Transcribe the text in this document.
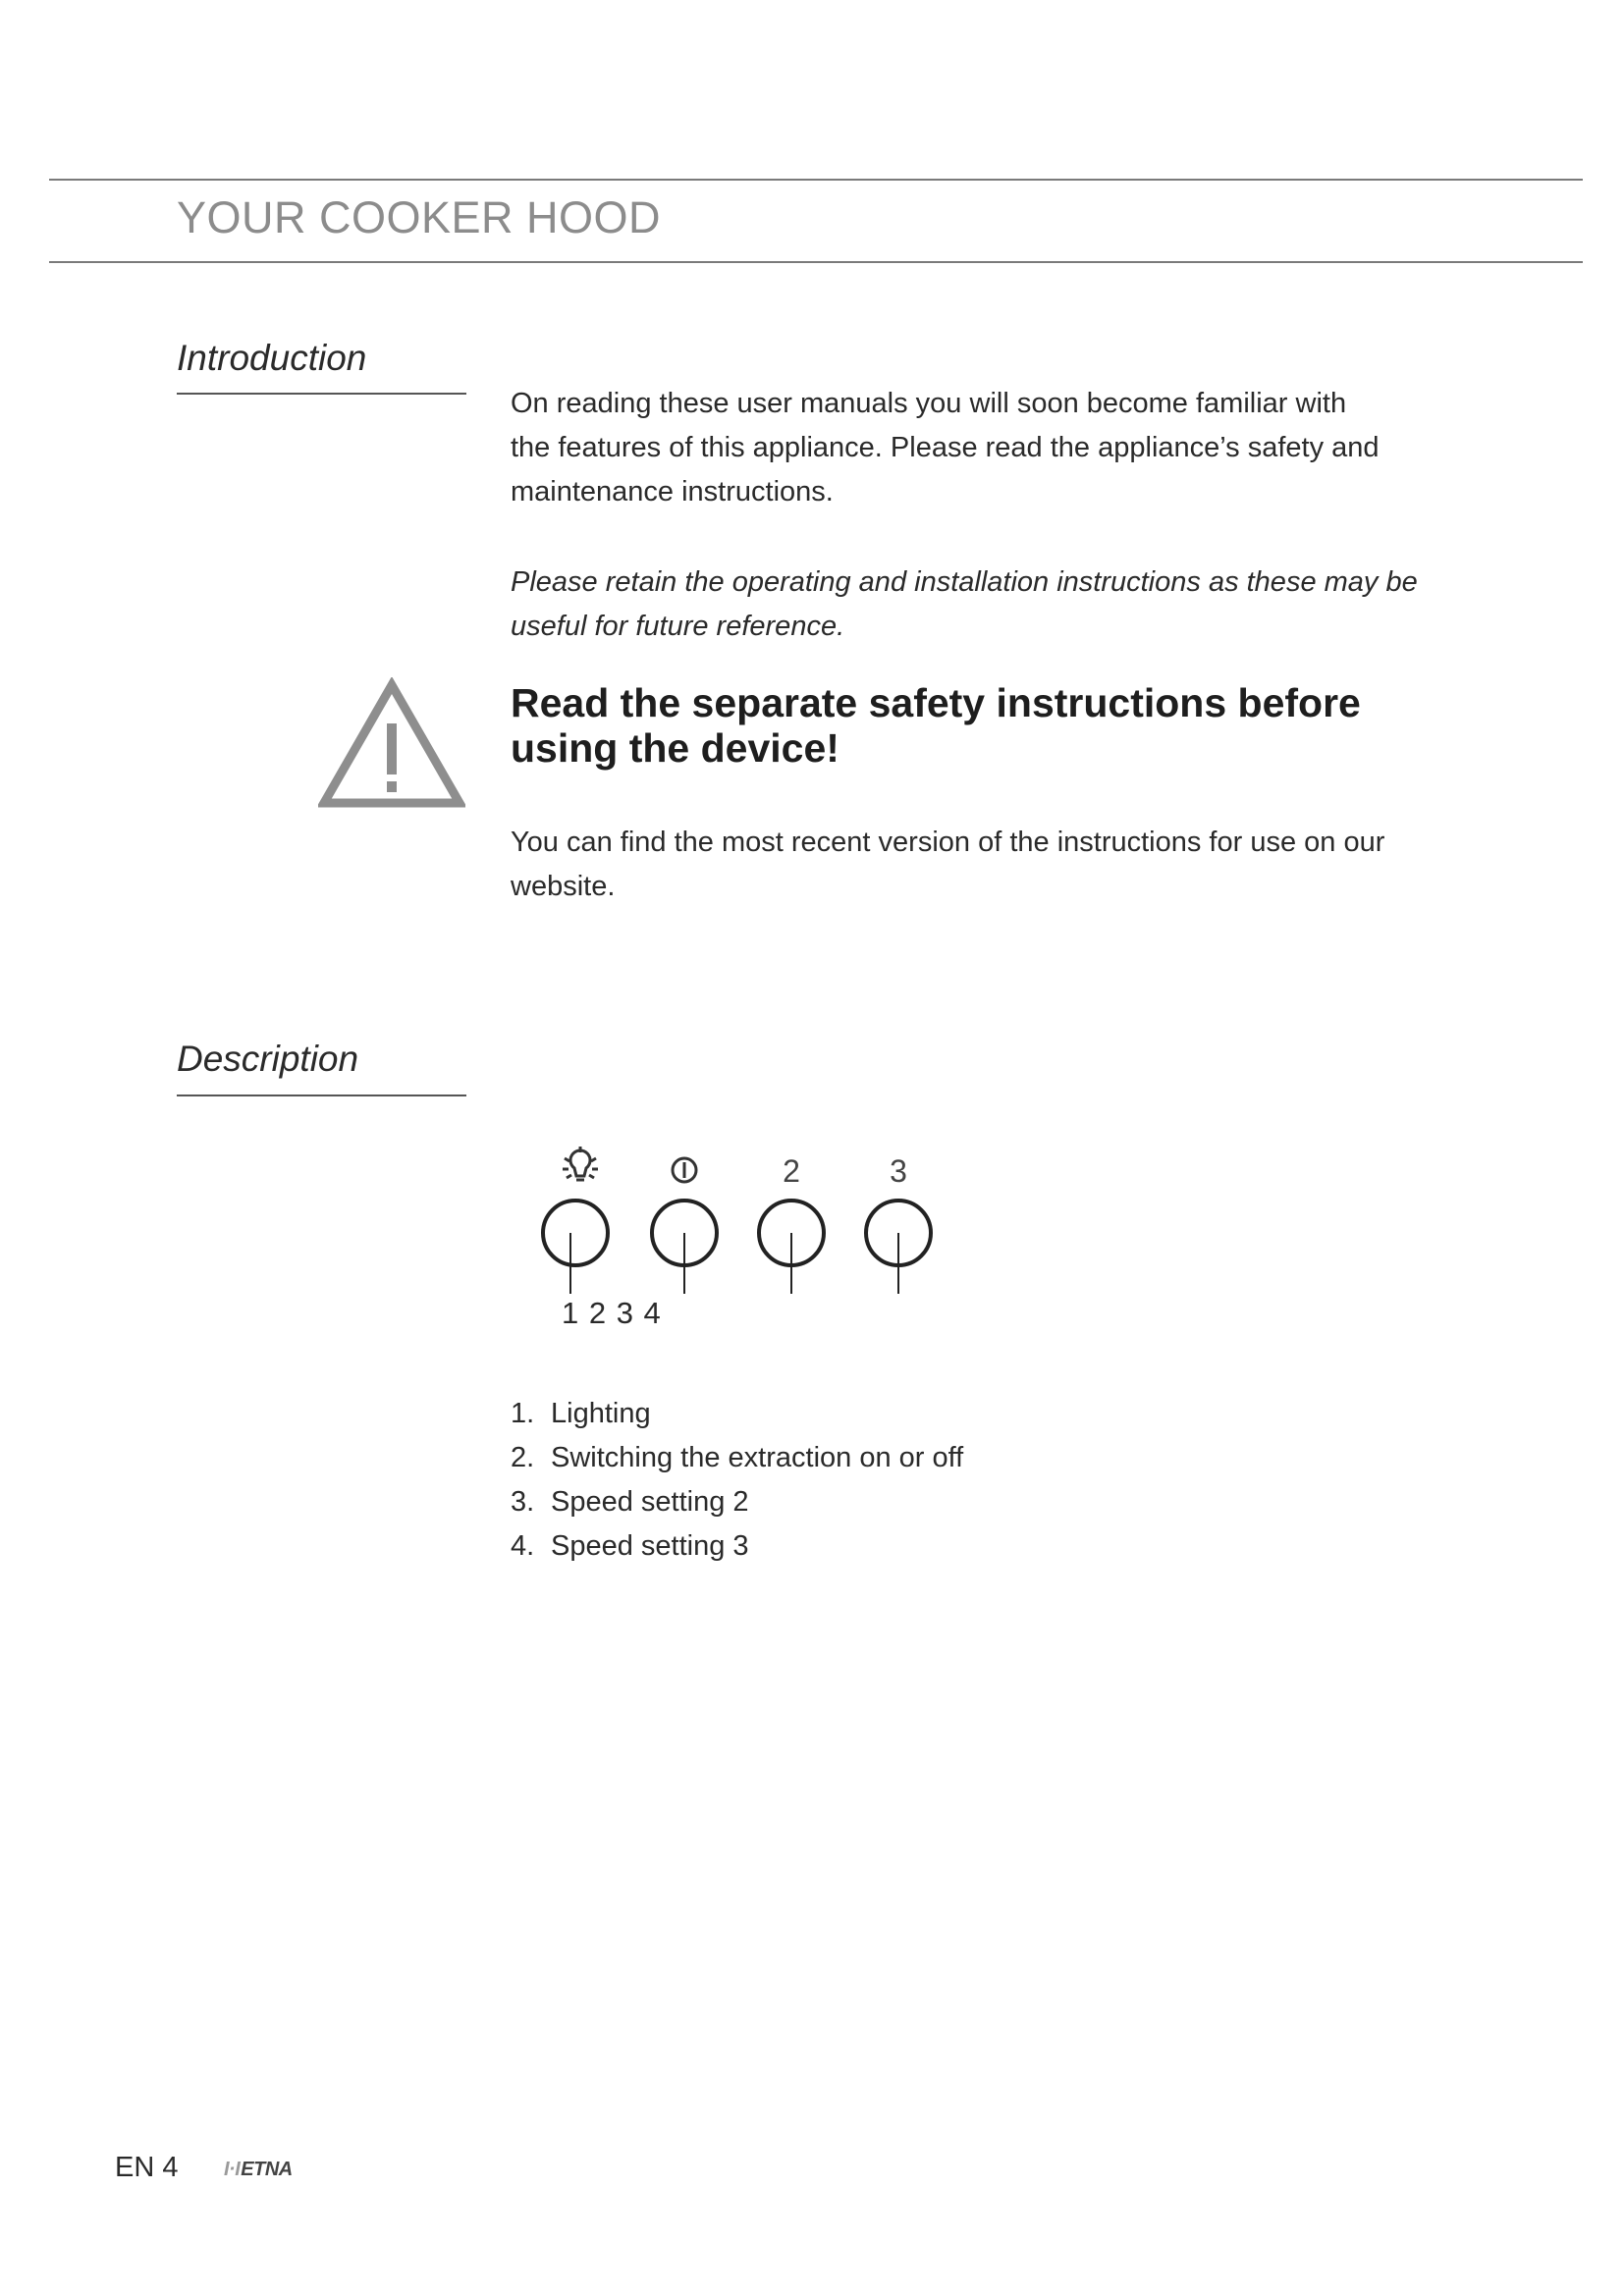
YOUR COOKER HOOD
Introduction
On reading these user manuals you will soon become familiar with
the features of this appliance. Please read the appliance’s safety and
maintenance instructions.
Please retain the operating and installation instructions as these may be
useful for future reference.
Read the separate safety instructions before
using the device!
You can find the most recent version of the instructions for use on our
website.
Description
2	3
1 2 3 4
1. Lighting
2. Switching the extraction on or off
3. Speed setting 2
4. Speed setting 3
EN 4 I·IETNA
